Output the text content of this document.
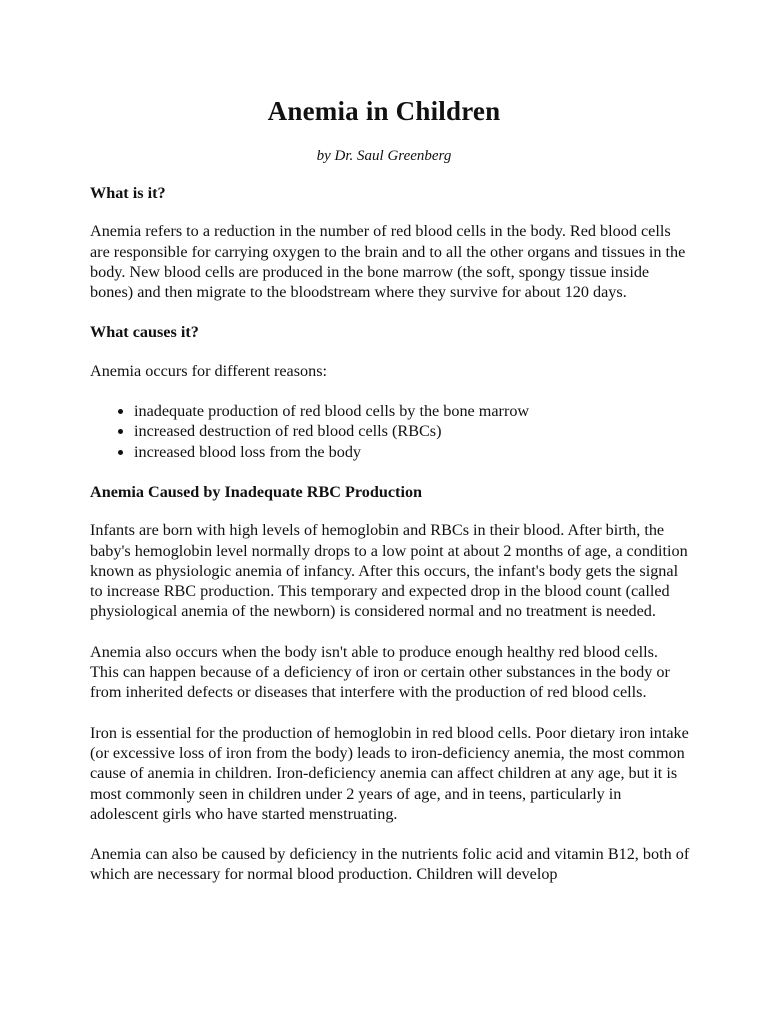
Anemia in Children
by Dr. Saul Greenberg
What is it?

Anemia refers to a reduction in the number of red blood cells in the body. Red blood cells are responsible for carrying oxygen to the brain and to all the other organs and tissues in the body. New blood cells are produced in the bone marrow (the soft, spongy tissue inside bones) and then migrate to the bloodstream where they survive for about 120 days.

What causes it?

Anemia occurs for different reasons:

• inadequate production of red blood cells by the bone marrow
• increased destruction of red blood cells (RBCs)
• increased blood loss from the body
Anemia Caused by Inadequate RBC Production

Infants are born with high levels of hemoglobin and RBCs in their blood. After birth, the baby's hemoglobin level normally drops to a low point at about 2 months of age, a condition known as physiologic anemia of infancy. After this occurs, the infant's body gets the signal to increase RBC production. This temporary and expected drop in the blood count (called physiological anemia of the newborn) is considered normal and no treatment is needed.

Anemia also occurs when the body isn't able to produce enough healthy red blood cells. This can happen because of a deficiency of iron or certain other substances in the body or from inherited defects or diseases that interfere with the production of red blood cells.

Iron is essential for the production of hemoglobin in red blood cells. Poor dietary iron intake (or excessive loss of iron from the body) leads to iron-deficiency anemia, the most common cause of anemia in children. Iron-deficiency anemia can affect children at any age, but it is most commonly seen in children under 2 years of age, and in teens, particularly in adolescent girls who have started menstruating.

Anemia can also be caused by deficiency in the nutrients folic acid and vitamin B12, both of which are necessary for normal blood production. Children will develop
